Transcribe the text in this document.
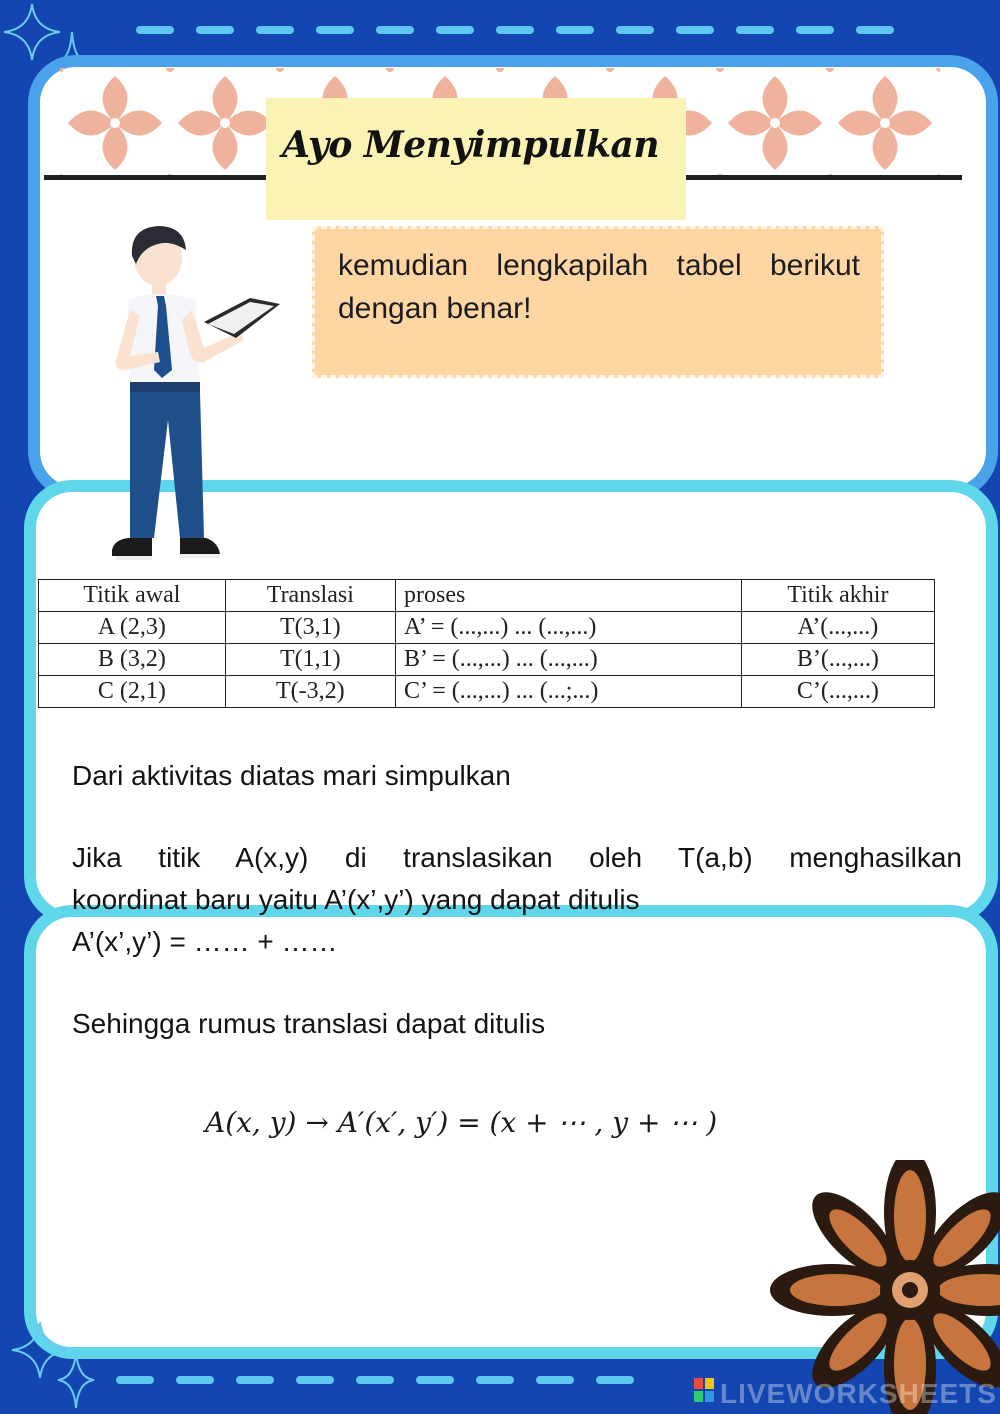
Ayo Menyimpulkan
kemudian lengkapilah tabel berikut dengan benar!
Titik awal	Translasi	proses	Titik akhir
A (2,3)	T(3,1)	A’ = (...,...) ... (...,...)	A’(...,...)
B (3,2)	T(1,1)	B’ = (...,...) ... (...,...)	B’(...,...)
C (2,1)	T(-3,2)	C’ = (...,...) ... (...;...)	C’(...,...)
Dari aktivitas diatas mari simpulkan
Jika titik A(x,y) di translasikan oleh T(a,b) menghasilkan
koordinat baru yaitu A’(x’,y’) yang dapat ditulis
A’(x’,y’) = …… + ……
Sehingga rumus translasi dapat ditulis
A(x, y) → A′(x′, y′) = (x + ⋯ , y + ⋯ )
LIVEWORKSHEETS
